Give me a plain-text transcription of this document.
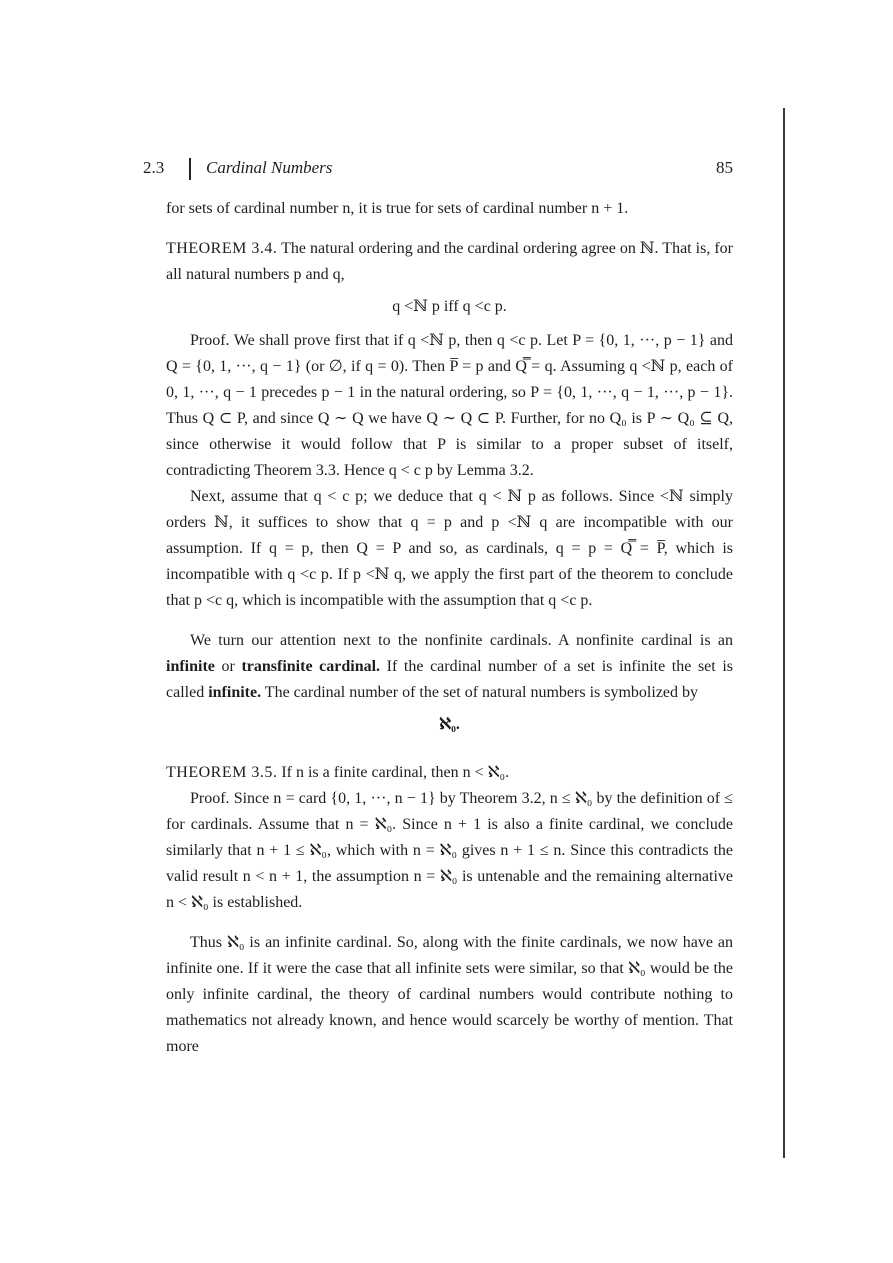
2.3 Cardinal Numbers	85

for sets of cardinal number n, it is true for sets of cardinal number n + 1.

THEOREM 3.4. The natural ordering and the cardinal ordering agree on ℕ. That is, for all natural numbers p and q,

q <ℕ p iff q <c p.

Proof. We shall prove first that if q <ℕ p, then q <c p. Let P = {0, 1, ···, p − 1} and Q = {0, 1, ···, q − 1} (or ∅, if q = 0). Then P̅ = p and Q̿ = q. Assuming q <ℕ p, each of 0, 1, ···, q − 1 precedes p − 1 in the natural ordering, so P = {0, 1, ···, q − 1, ···, p − 1}. Thus Q ⊂ P, and since Q ∼ Q we have Q ∼ Q ⊂ P. Further, for no Q₀ is P ∼ Q₀ ⊆ Q, since otherwise it would follow that P is similar to a proper subset of itself, contradicting Theorem 3.3. Hence q < c p by Lemma 3.2.

Next, assume that q < c p; we deduce that q < ℕ p as follows. Since <ℕ simply orders ℕ, it suffices to show that q = p and p <ℕ q are incompatible with our assumption. If q = p, then Q = P and so, as cardinals, q = p = Q̿ = P̅, which is incompatible with q <c p. If p <ℕ q, we apply the first part of the theorem to conclude that p <c q, which is incompatible with the assumption that q <c p.

We turn our attention next to the nonfinite cardinals. A nonfinite cardinal is an infinite or transfinite cardinal. If the cardinal number of a set is infinite the set is called infinite. The cardinal number of the set of natural numbers is symbolized by

ℵ₀.

THEOREM 3.5. If n is a finite cardinal, then n < ℵ₀.

Proof. Since n = card {0, 1, ···, n − 1} by Theorem 3.2, n ≤ ℵ₀ by the definition of ≤ for cardinals. Assume that n = ℵ₀. Since n + 1 is also a finite cardinal, we conclude similarly that n + 1 ≤ ℵ₀, which with n = ℵ₀ gives n + 1 ≤ n. Since this contradicts the valid result n < n + 1, the assumption n = ℵ₀ is untenable and the remaining alternative n < ℵ₀ is established.

Thus ℵ₀ is an infinite cardinal. So, along with the finite cardinals, we now have an infinite one. If it were the case that all infinite sets were similar, so that ℵ₀ would be the only infinite cardinal, the theory of cardinal numbers would contribute nothing to mathematics not already known, and hence would scarcely be worthy of mention. That more
